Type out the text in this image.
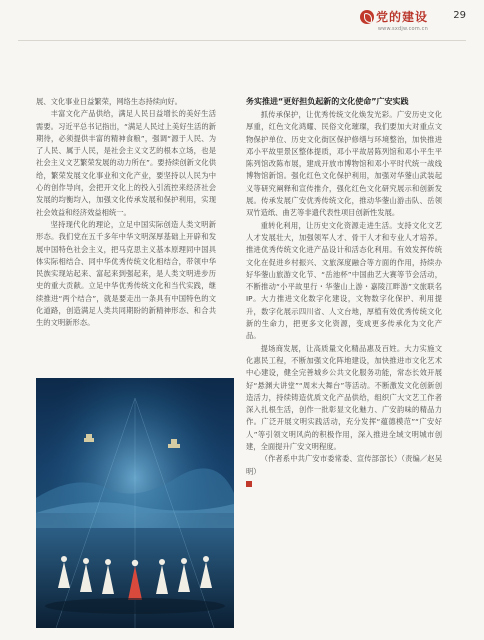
党的建设
www.sxdjw.com.cn
29

展、文化事业日益繁荣，网络生态持续向好。

丰富文化产品供给，满足人民日益增长的美好生活需要。习近平总书记指出，“满足人民过上美好生活的新期待，必须提供丰富的精神食粮”，强调“源于人民、为了人民、属于人民，是社会主义文艺的根本立场，也是社会主义文艺繁荣发展的动力所在”。要持续创新文化供给，繁荣发展文化事业和文化产业，要坚持以人民为中心的创作导向，会把开文化上的投入引流控来经济社会发展的均衡均入，加强文化传承发展和保护利用，实现社会效益和经济效益相统一。

坚持现代化的理论，立足中国实际创造人类文明新形态。我们党在五千多年中华文明深厚基础上开辟和发展中国特色社会主义，把马克思主义基本原理同中国具体实际相结合、同中华优秀传统文化相结合，带领中华民族实现站起来、富起来到强起来，是人类文明进步历史的重大贡献。立足中华优秀传统文化和当代实践，继续推进“两个结合”，就是要走出一条具有中国特色的文化道路，创造满足人类共同期盼的新精神形态、和合共生的文明新形态。

务实推进“更好担负起新的文化使命”广安实践

抓传承保护，让优秀传统文化焕发光彩。广安历史文化厚重，红色文化鸿耀、民俗文化璀璨，我们要加大对重点文物保护单位、历史文化街区保护修缮与环境整治，加快推进邓小平故里景区整体提质，邓小平故居陈列馆和邓小平生平陈列馆改陈布展，建成开放市博物馆和邓小平时代统一战线博物馆新馆。强化红色文化保护利用，加强对华蓥山武装起义等研究阐释和宣传推介，强化红色文化研究展示和创新发展。传承发展广安优秀传统文化，推动华蓥山游击队、岳领双竹造纸、曲艺等非遗代表性项目创新性发展。

重转化利用，让历史文化资源走进生活。支持文化文艺人才发展壮大，加强领军人才、骨干人才和专业人才培养。推进优秀传统文化进产品设计和活态化利用。有效发挥传统文化在促进乡村振兴、文旅深度融合等方面的作用，持续办好华蓥山旅游文化节、“岳池杯”中国曲艺大赛等节会活动，不断推动“小平故里行・华蓥山上游・嘉陵江畔游”文旅联名IP。大力推进文化数字化建设，文物数字化保护、利用提升，数字化展示四川省、人文台地，厚植有效优秀传统文化新的生命力，把更多文化资源，变成更多传承化为文化产品。

提场商发展，让高质量文化精品惠及百姓。大力实施文化惠民工程，不断加强文化阵地建设，加快推进市文化艺术中心建设，健全完善城乡公共文化服务功能，常态长效开展好“悬渊大讲堂”“周末大舞台”等活动。不断激发文化创新创造活力，持续铸造优质文化产品供给，组织广大文艺工作者深入扎根生活，创作一批彰显文化魅力、广安韵味的精品力作。广泛开展文明实践活动，充分发挥“蕴德模范”“广安好人”等引领文明风尚的积极作用，深入推进全域文明城市创建，全面提升广安文明程度。

（作者系中共广安市委常委、宣传部部长）（责编／赵吴明）
